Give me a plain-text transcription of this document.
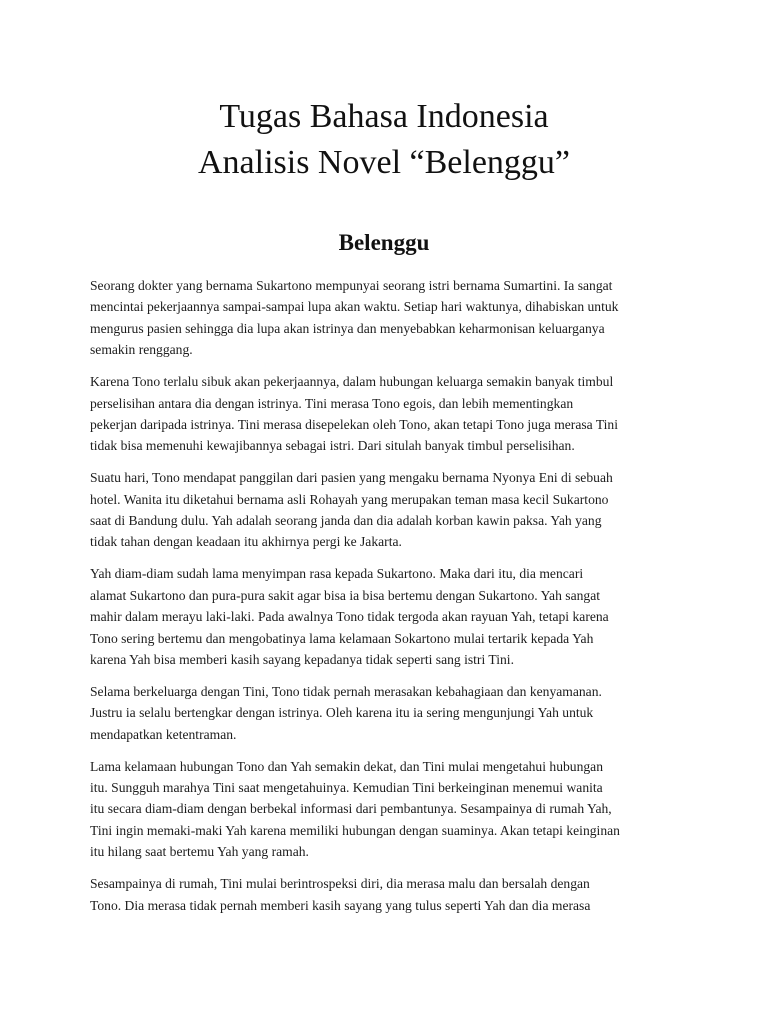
Tugas Bahasa Indonesia
Analisis Novel “Belenggu”
Belenggu

Seorang dokter yang bernama Sukartono mempunyai seorang istri bernama Sumartini. Ia sangat
mencintai pekerjaannya sampai-sampai lupa akan waktu. Setiap hari waktunya, dihabiskan untuk
mengurus pasien sehingga dia lupa akan istrinya dan menyebabkan keharmonisan keluarganya
semakin renggang.

Karena Tono terlalu sibuk akan pekerjaannya, dalam hubungan keluarga semakin banyak timbul
perselisihan antara dia dengan istrinya. Tini merasa Tono egois, dan lebih mementingkan
pekerjan daripada istrinya. Tini merasa disepelekan oleh Tono, akan tetapi Tono juga merasa Tini
tidak bisa memenuhi kewajibannya sebagai istri. Dari situlah banyak timbul perselisihan.

Suatu hari, Tono mendapat panggilan dari pasien yang mengaku bernama Nyonya Eni di sebuah
hotel. Wanita itu diketahui bernama asli Rohayah yang merupakan teman masa kecil Sukartono
saat di Bandung dulu. Yah adalah seorang janda dan dia adalah korban kawin paksa. Yah yang
tidak tahan dengan keadaan itu akhirnya pergi ke Jakarta.

Yah diam-diam sudah lama menyimpan rasa kepada Sukartono. Maka dari itu, dia mencari
alamat Sukartono dan pura-pura sakit agar bisa ia bisa bertemu dengan Sukartono. Yah sangat
mahir dalam merayu laki-laki. Pada awalnya Tono tidak tergoda akan rayuan Yah, tetapi karena
Tono sering bertemu dan mengobatinya lama kelamaan Sokartono mulai tertarik kepada Yah
karena Yah bisa memberi kasih sayang kepadanya tidak seperti sang istri Tini.

Selama berkeluarga dengan Tini, Tono tidak pernah merasakan kebahagiaan dan kenyamanan.
Justru ia selalu bertengkar dengan istrinya. Oleh karena itu ia sering mengunjungi Yah untuk
mendapatkan ketentraman.

Lama kelamaan hubungan Tono dan Yah semakin dekat, dan Tini mulai mengetahui hubungan
itu. Sungguh marahya Tini saat mengetahuinya. Kemudian Tini berkeinginan menemui wanita
itu secara diam-diam dengan berbekal informasi dari pembantunya. Sesampainya di rumah Yah,
Tini ingin memaki-maki Yah karena memiliki hubungan dengan suaminya. Akan tetapi keinginan
itu hilang saat bertemu Yah yang ramah.

Sesampainya di rumah, Tini mulai berintrospeksi diri, dia merasa malu dan bersalah dengan
Tono. Dia merasa tidak pernah memberi kasih sayang yang tulus seperti Yah dan dia merasa
